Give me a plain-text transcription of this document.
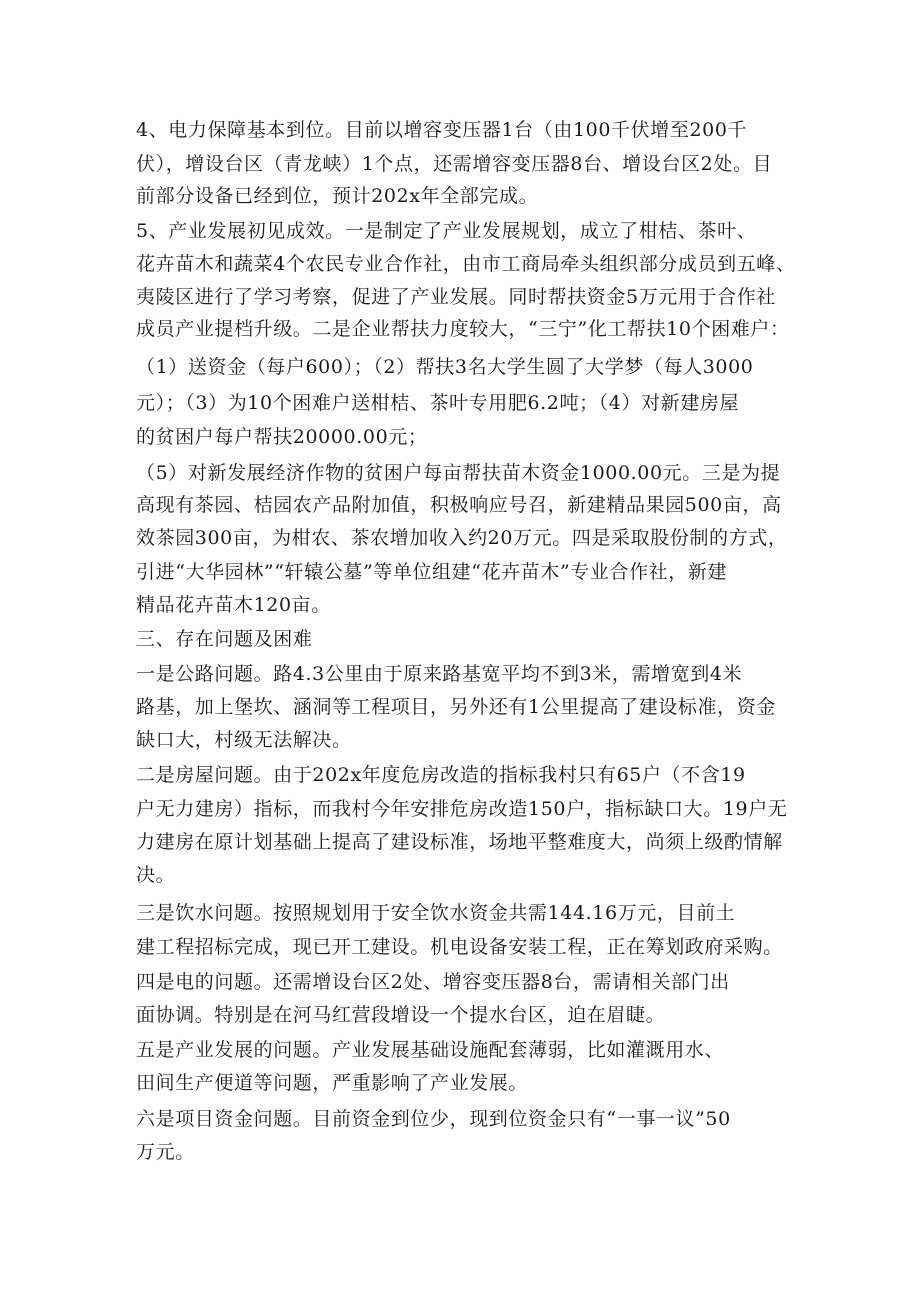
4、电力保障基本到位。目前以增容变压器1台（由100千伏增至200千
伏），增设台区（青龙峡）1个点，还需增容变压器8台、增设台区2处。目
前部分设备已经到位，预计202x年全部完成。
5、产业发展初见成效。一是制定了产业发展规划，成立了柑桔、茶叶、
花卉苗木和蔬菜4个农民专业合作社，由市工商局牵头组织部分成员到五峰、
夷陵区进行了学习考察，促进了产业发展。同时帮扶资金5万元用于合作社
成员产业提档升级。二是企业帮扶力度较大，“三宁”化工帮扶10个困难户：
（1）送资金（每户600）；（2）帮扶3名大学生圆了大学梦（每人3000
元）；（3）为10个困难户送柑桔、茶叶专用肥6.2吨；（4）对新建房屋
的贫困户每户帮扶20000.00元；
（5）对新发展经济作物的贫困户每亩帮扶苗木资金1000.00元。三是为提
高现有茶园、桔园农产品附加值，积极响应号召，新建精品果园500亩，高
效茶园300亩，为柑农、茶农增加收入约20万元。四是采取股份制的方式，
引进“大华园林”“轩辕公墓”等单位组建“花卉苗木”专业合作社，新建
精品花卉苗木120亩。
三、存在问题及困难
一是公路问题。路4.3公里由于原来路基宽平均不到3米，需增宽到4米
路基，加上堡坎、涵洞等工程项目，另外还有1公里提高了建设标准，资金
缺口大，村级无法解决。
二是房屋问题。由于202x年度危房改造的指标我村只有65户（不含19
户无力建房）指标，而我村今年安排危房改造150户，指标缺口大。19户无
力建房在原计划基础上提高了建设标准，场地平整难度大，尚须上级酌情解
决。
三是饮水问题。按照规划用于安全饮水资金共需144.16万元，目前土
建工程招标完成，现已开工建设。机电设备安装工程，正在筹划政府采购。
四是电的问题。还需增设台区2处、增容变压器8台，需请相关部门出
面协调。特别是在河马红营段增设一个提水台区，迫在眉睫。
五是产业发展的问题。产业发展基础设施配套薄弱，比如灌溉用水、
田间生产便道等问题，严重影响了产业发展。
六是项目资金问题。目前资金到位少，现到位资金只有“一事一议”50
万元。
